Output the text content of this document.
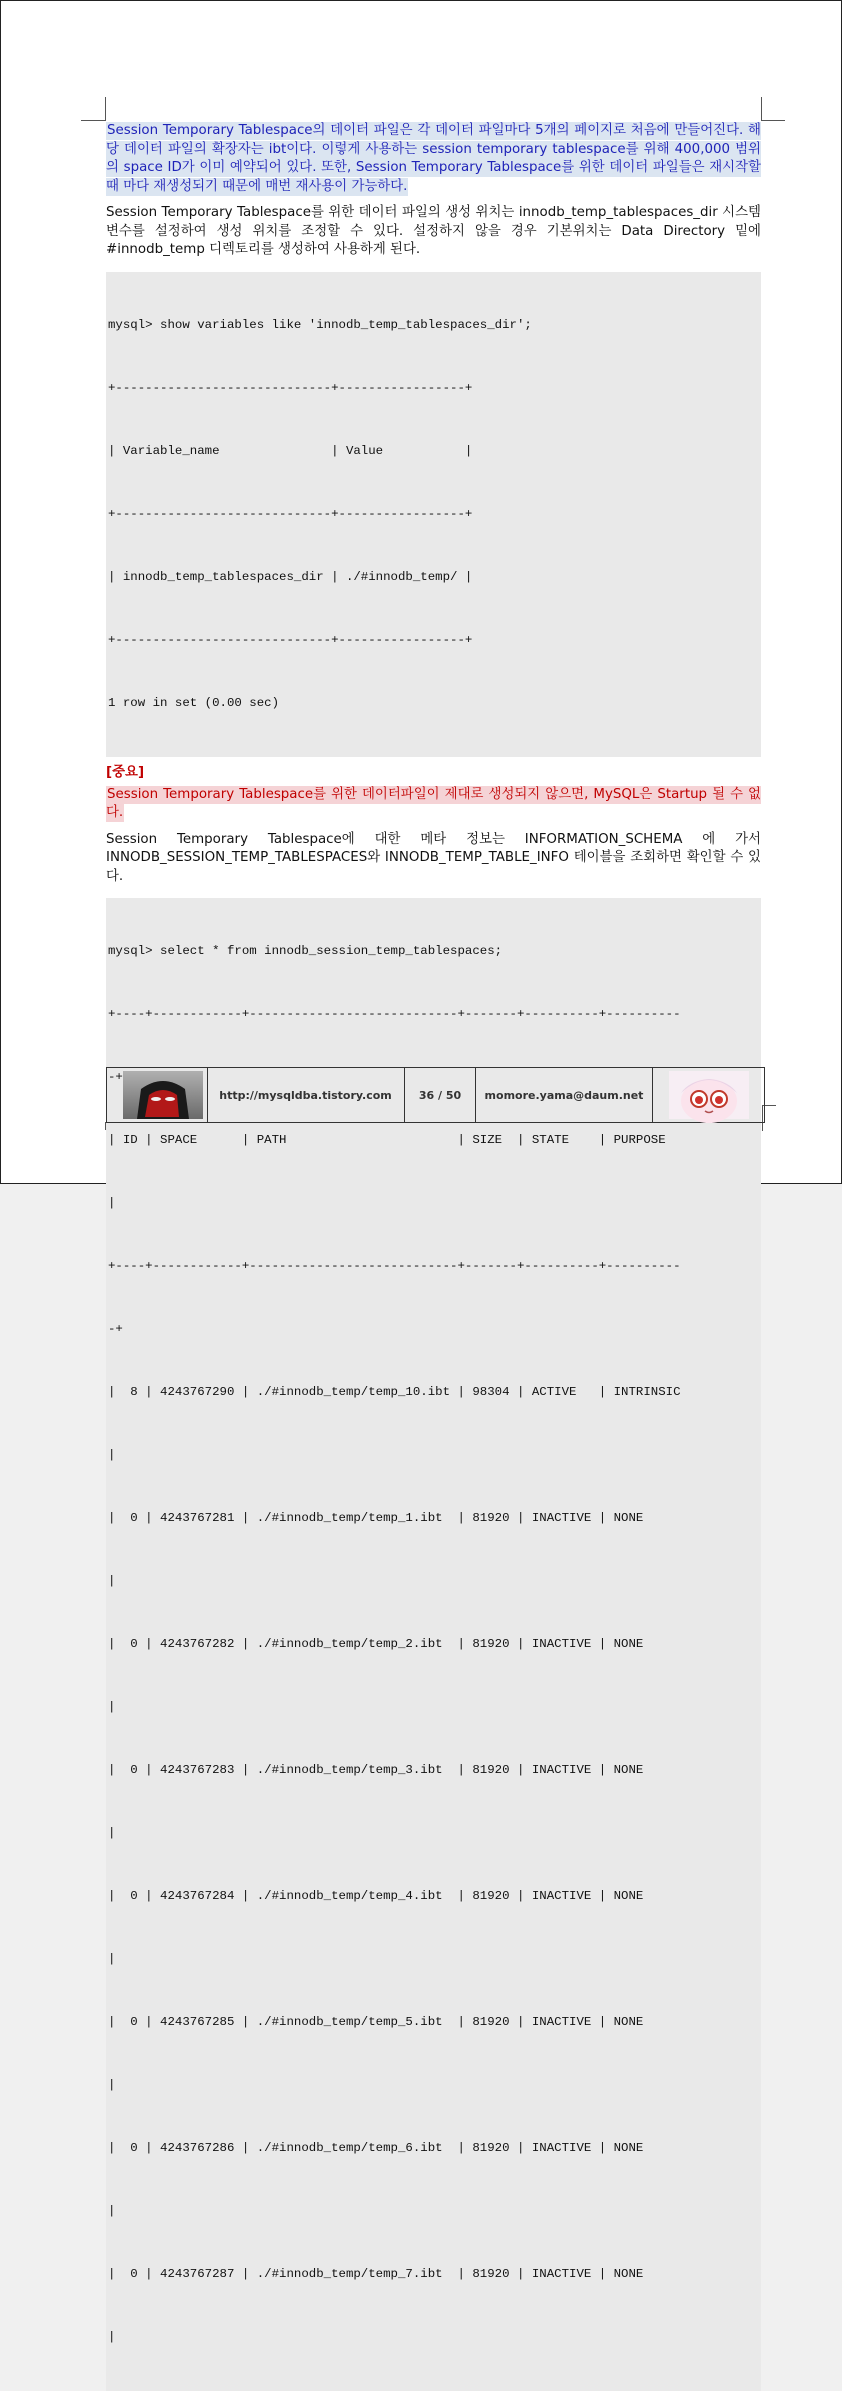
Session Temporary Tablespace의 데이터 파일은 각 데이터 파일마다 5개의 페이지로 처음에 만들어진다. 해당 데이터 파일의 확장자는 ibt이다. 이렇게 사용하는 session temporary tablespace를 위해 400,000 범위의 space ID가 이미 예약되어 있다. 또한, Session Temporary Tablespace를 위한 데이터 파일들은 재시작할때 마다 재생성되기 때문에 매번 재사용이 가능하다.

Session Temporary Tablespace를 위한 데이터 파일의 생성 위치는 innodb_temp_tablespaces_dir 시스템 변수를 설정하여 생성 위치를 조정할 수 있다. 설정하지 않을 경우 기본위치는 Data Directory 밑에 #innodb_temp 디렉토리를 생성하여 사용하게 된다.

mysql> show variables like 'innodb_temp_tablespaces_dir';

+-----------------------------+-----------------+

| Variable_name               | Value           |

+-----------------------------+-----------------+

| innodb_temp_tablespaces_dir | ./#innodb_temp/ |

+-----------------------------+-----------------+

1 row in set (0.00 sec)

[중요]

Session Temporary Tablespace를 위한 데이터파일이 제대로 생성되지 않으면, MySQL은 Startup 될 수 없다.

Session Temporary Tablespace에 대한 메타 정보는 INFORMATION_SCHEMA 에 가서 INNODB_SESSION_TEMP_TABLESPACES와 INNODB_TEMP_TABLE_INFO 테이블을 조회하면 확인할 수 있다.

mysql> select * from innodb_session_temp_tablespaces;

+----+------------+----------------------------+-------+----------+----------

-+

| ID | SPACE      | PATH                       | SIZE  | STATE    | PURPOSE

|

+----+------------+----------------------------+-------+----------+----------

-+

|  8 | 4243767290 | ./#innodb_temp/temp_10.ibt | 98304 | ACTIVE   | INTRINSIC

|

|  0 | 4243767281 | ./#innodb_temp/temp_1.ibt  | 81920 | INACTIVE | NONE

|

|  0 | 4243767282 | ./#innodb_temp/temp_2.ibt  | 81920 | INACTIVE | NONE

|

|  0 | 4243767283 | ./#innodb_temp/temp_3.ibt  | 81920 | INACTIVE | NONE

|

|  0 | 4243767284 | ./#innodb_temp/temp_4.ibt  | 81920 | INACTIVE | NONE

|

|  0 | 4243767285 | ./#innodb_temp/temp_5.ibt  | 81920 | INACTIVE | NONE

|

|  0 | 4243767286 | ./#innodb_temp/temp_6.ibt  | 81920 | INACTIVE | NONE

|

|  0 | 4243767287 | ./#innodb_temp/temp_7.ibt  | 81920 | INACTIVE | NONE

|

http://mysqldba.tistory.com 36 / 50 momore.yama@daum.net
